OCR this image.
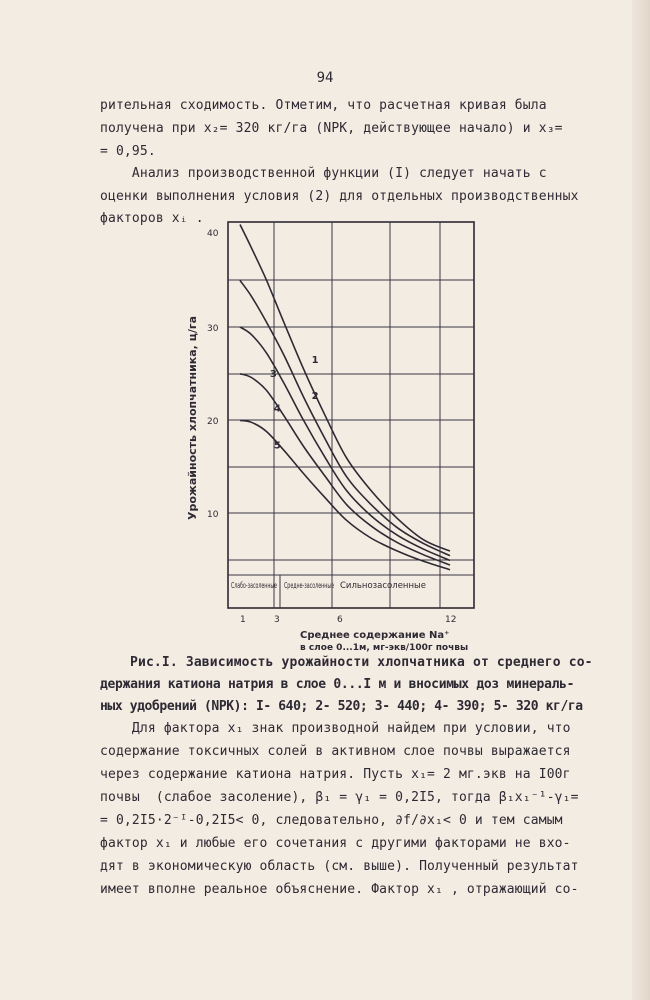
94
рительная сходимость. Отметим, что расчетная кривая была
получена при x₂= 320 кг/га (NPK, действующее начало) и x₃=
= 0,95.
Анализ производственной функции (I) следует начать с
оценки выполнения условия (2) для отдельных производственных
факторов xᵢ .
1
2
3
4
5
40
30
20
10
Урожайность хлопчатника, ц/га
1	3	6	12
Слабо-засоленные Средне-засоленные Сильнозасоленные
Среднее содержание Na⁺
в слое 0...1м, мг-экв/100г почвы
Рис.I. Зависимость урожайности хлопчатника от среднего со-
держания катиона натрия в слое 0...I м и вносимых доз минераль-
ных удобрений (NPK): I- 640; 2- 520; 3- 440; 4- 390; 5- 320 кг/га
Для фактора x₁ знак производной найдем при условии, что
содержание токсичных солей в активном слое почвы выражается
через содержание катиона натрия. Пусть x₁= 2 мг.экв на I00г
почвы  (слабое засоление), β₁ = γ₁ = 0,2I5, тогда β₁x₁⁻¹-γ₁=
= 0,2I5·2⁻ᴵ-0,2I5< 0, следовательно, ∂f/∂x₁< 0 и тем самым
фактор x₁ и любые его сочетания с другими факторами не вхо-
дят в экономическую область (см. выше). Полученный результат
имеет вполне реальное объяснение. Фактор x₁ , отражающий со-
